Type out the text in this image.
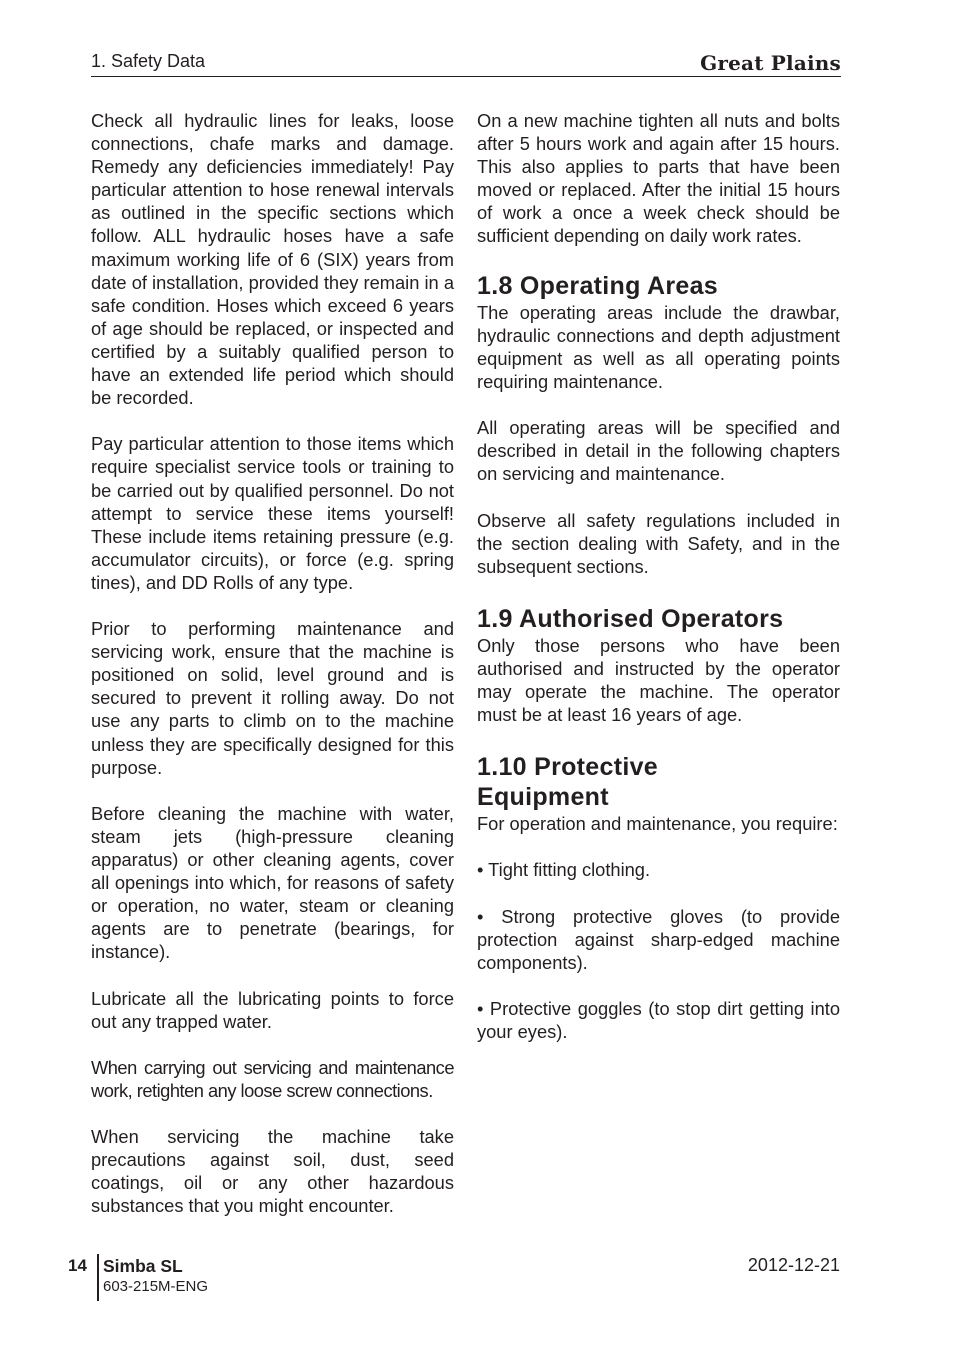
1. Safety Data	Great Plains

Check all hydraulic lines for leaks, loose connections, chafe marks and damage. Remedy any deficiencies immediately! Pay particular attention to hose renewal intervals as outlined in the specific sections which follow. ALL hydraulic hoses have a safe maximum working life of 6 (SIX) years from date of installation, provided they remain in a safe condition. Hoses which exceed 6 years of age should be replaced, or inspected and certified by a suitably qualified person to have an extended life period which should be recorded.

Pay particular attention to those items which require specialist service tools or training to be carried out by qualified personnel. Do not attempt to service these items yourself! These include items retaining pressure (e.g. accumulator circuits), or force (e.g. spring tines), and DD Rolls of any type.

Prior to performing maintenance and servicing work, ensure that the machine is positioned on solid, level ground and is secured to prevent it rolling away. Do not use any parts to climb on to the machine unless they are specifically designed for this purpose.

Before cleaning the machine with water, steam jets (high-pressure cleaning apparatus) or other cleaning agents, cover all openings into which, for reasons of safety or operation, no water, steam or cleaning agents are to penetrate (bearings, for instance).

Lubricate all the lubricating points to force out any trapped water.

When carrying out servicing and maintenance work, retighten any loose screw connections.

When servicing the machine take precautions against soil, dust, seed coatings, oil or any other hazardous substances that you might encounter.

On a new machine tighten all nuts and bolts after 5 hours work and again after 15 hours. This also applies to parts that have been moved or replaced. After the initial 15 hours of work a once a week check should be sufficient depending on daily work rates.

1.8 Operating Areas

The operating areas include the drawbar, hydraulic connections and depth adjustment equipment as well as all operating points requiring maintenance.

All operating areas will be specified and described in detail in the following chapters on servicing and maintenance.

Observe all safety regulations included in the section dealing with Safety, and in the subsequent sections.

1.9 Authorised Operators

Only those persons who have been authorised and instructed by the operator may operate the machine. The operator must be at least 16 years of age.

1.10 Protective
Equipment

For operation and maintenance, you require:

• Tight fitting clothing.

• Strong protective gloves (to provide protection against sharp-edged machine components).

• Protective goggles (to stop dirt getting into your eyes).

14 Simba SL
603-215M-ENG
2012-12-21
